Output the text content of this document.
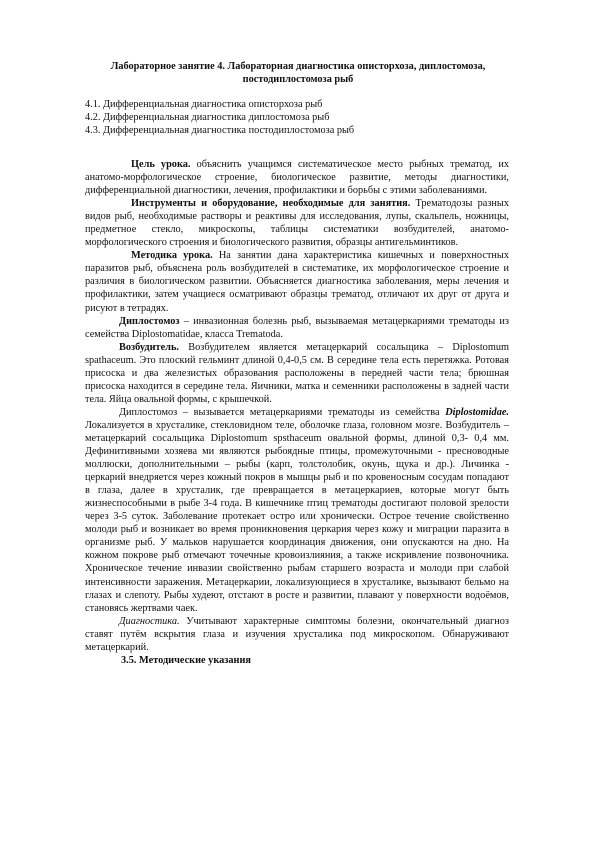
Лабораторное занятие 4. Лабораторная диагностика описторхоза, диплостомоза, постодиплостомоза рыб
4.1. Дифференциальная диагностика описторхоза рыб
4.2. Дифференциальная диагностика диплостомоза рыб
4.3. Дифференциальная диагностика постодиплостомоза рыб

Цель урока. объяснить учащимся систематическое место рыбных трематод, их анатомо-морфологическое строение, биологическое развитие, методы диагностики, дифференциальной диагностики, лечения, профилактики и борьбы с этими заболеваниями.

Инструменты и оборудование, необходимые для занятия. Трематодозы разных видов рыб, необходимые растворы и реактивы для исследования, лупы, скальпель, ножницы, предметное стекло, микроскопы, таблицы систематики возбудителей, анатомо-морфологического строения и биологического развития, образцы антигельминтиков.

Методика урока. На занятии дана характеристика кишечных и поверхностных паразитов рыб, объяснена роль возбудителей в систематике, их морфологическое строение и различия в биологическом развитии. Объясняется диагностика заболевания, меры лечения и профилактики, затем учащиеся осматривают образцы трематод, отличают их друг от друга и рисуют в тетрадях.

Диплостомоз – инвазионная болезнь рыб, вызываемая метацеркариями трематоды из семейства Diplostomatidae, класса Trematoda.

Возбудитель. Возбудителем является метацеркарий сосальщика – Diplostomum spathaceum. Это плоский гельминт длиной 0,4-0,5 см. В середине тела есть перетяжка. Ротовая присоска и два железистых образования расположены в передней части тела; брюшная присоска находится в середине тела. Яичники, матка и семенники расположены в задней части тела. Яйца овальной формы, с крышечкой.

Диплостомоз – вызывается метацеркариями трематоды из семейства Diplostomidae. Локализуется в хрусталике, стекловидном теле, оболочке глаза, головном мозге. Возбудитель – метацеркарий сосальщика Diplostomum spsthaceum овальной формы, длиной 0,3- 0,4 мм. Дефинитивными хозяева ми являются рыбоядные птицы, промежуточными - пресноводные моллюски, дополнительными – рыбы (карп, толстолобик, окунь, щука и др.). Личинка - церкарий внедряется через кожный покров в мышцы рыб и по кровеносным сосудам попадают в глаза, далее в хрусталик, где превращается в метацеркариев, которые могут быть жизнеспособными в рыбе 3-4 года. В кишечнике птиц трематоды достигают половой зрелости через 3-5 суток. Заболевание протекает остро или хронически. Острое течение свойственно молоди рыб и возникает во время проникновения церкария через кожу и миграции паразита в организме рыб. У мальков нарушается координация движения, они опускаются на дно. На кожном покрове рыб отмечают точечные кровоизлияния, а также искривление позвоночника. Хроническое течение инвазии свойственно рыбам старшего возраста и молоди при слабой интенсивности заражения. Метацеркарии, локализующиеся в хрусталике, вызывают бельмо на глазах и слепоту. Рыбы худеют, отстают в росте и развитии, плавают у поверхности водоёмов, становясь жертвами чаек.

Диагностика. Учитывают характерные симптомы болезни, окончательный диагноз ставят путём вскрытия глаза и изучения хрусталика под микроскопом. Обнаруживают метацеркарий.

3.5. Методические указания
